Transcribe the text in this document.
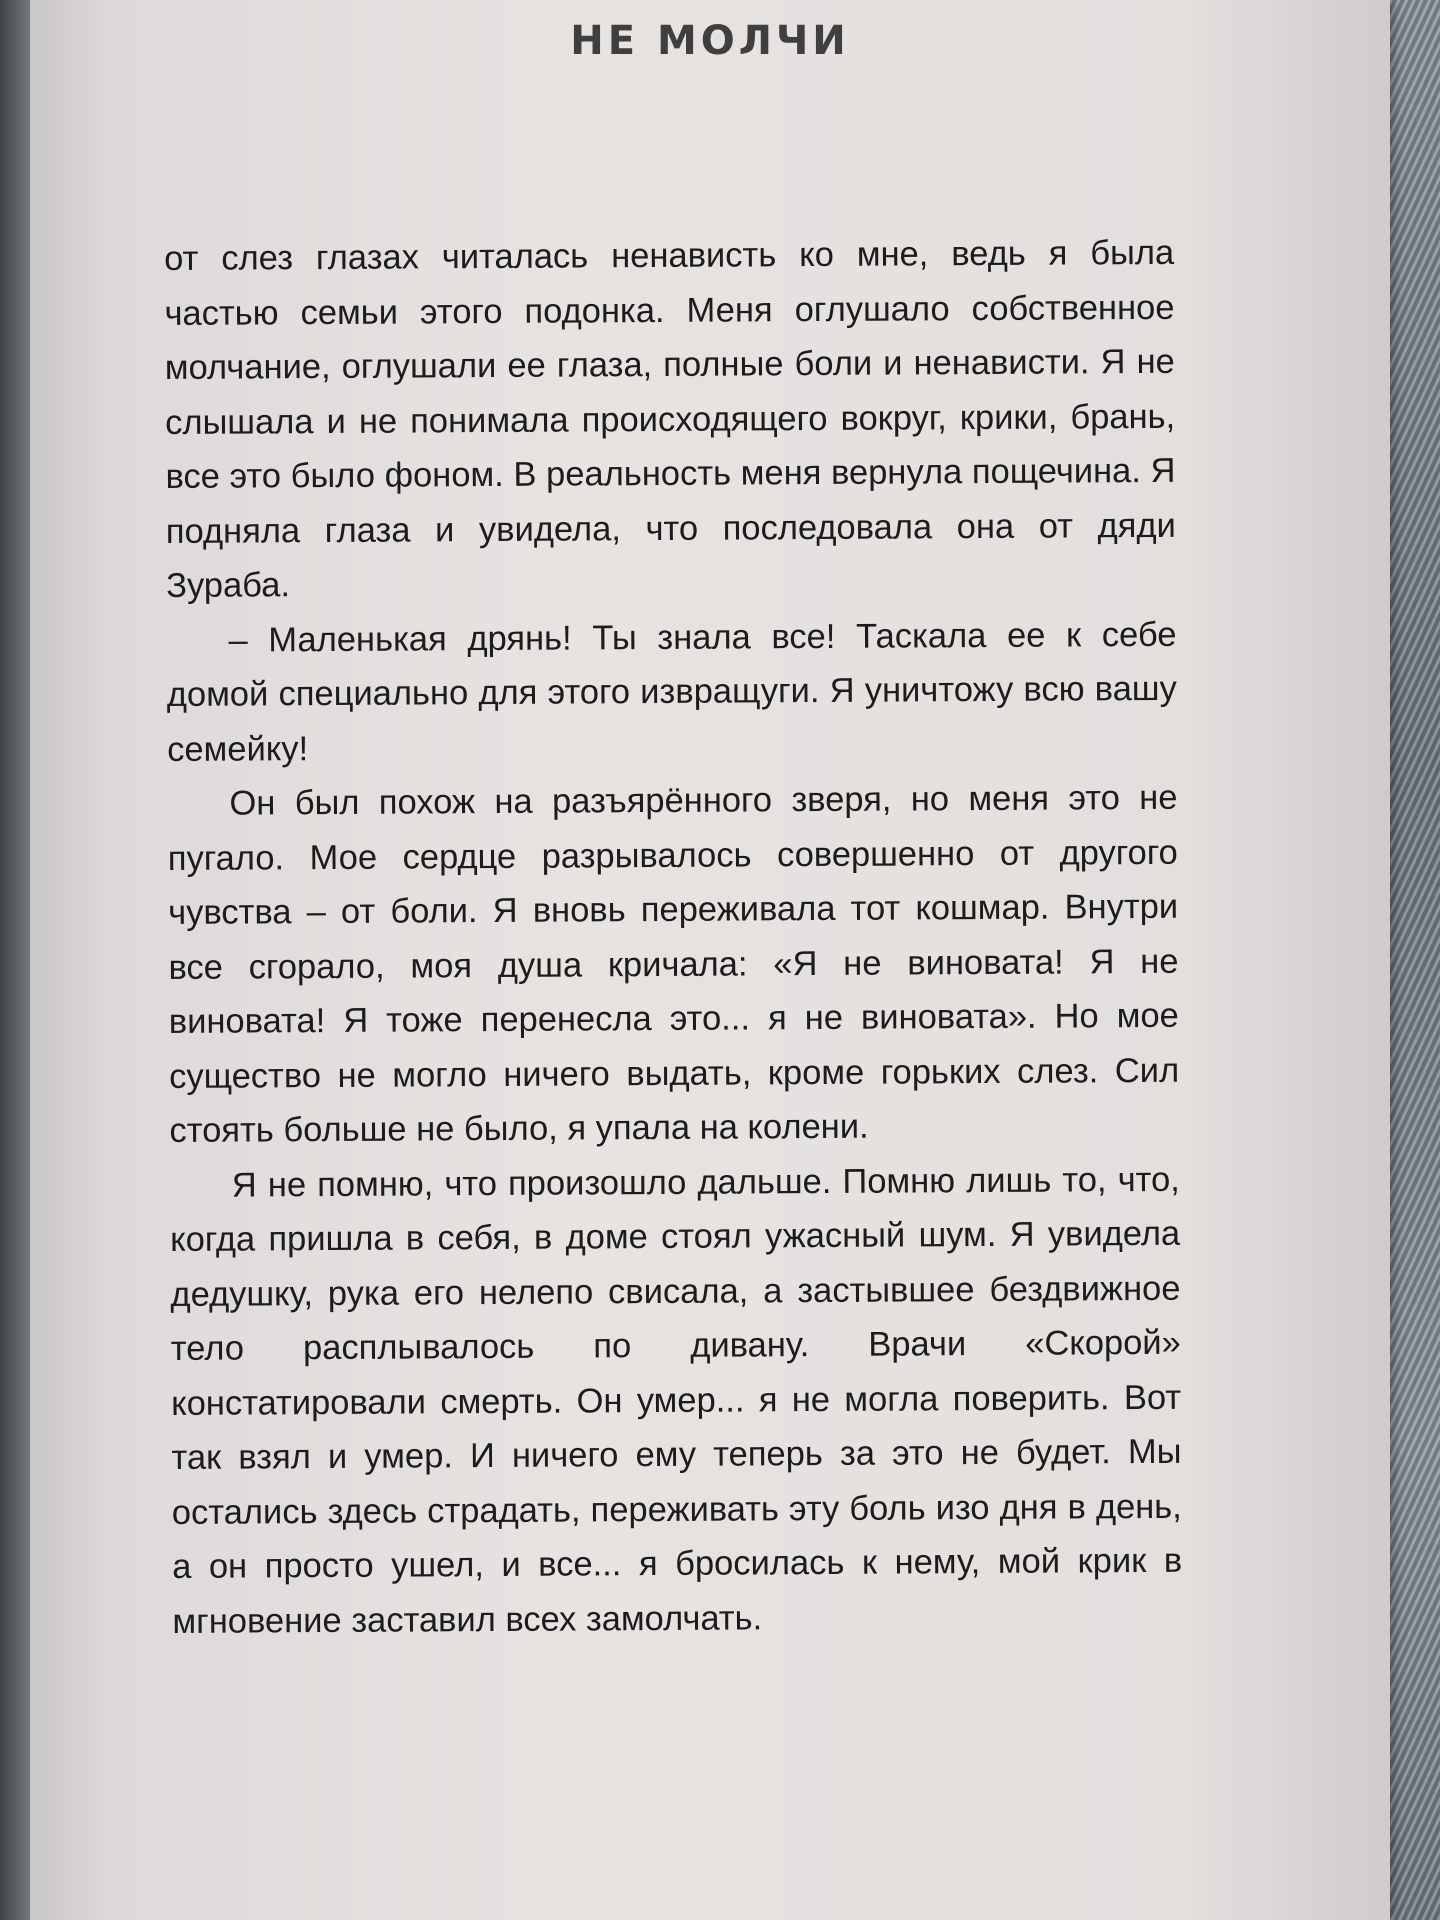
НЕ МОЛЧИ

от слез глазах читалась ненависть ко мне, ведь я была частью семьи этого подонка. Меня оглушало собственное молчание, оглушали ее глаза, полные боли и ненависти. Я не слышала и не понимала происходящего вокруг, крики, брань, все это было фоном. В реальность меня вернула пощечина. Я подняла глаза и увидела, что последовала она от дяди Зураба.

– Маленькая дрянь! Ты знала все! Таскала ее к себе домой специально для этого извращуги. Я уничтожу всю вашу семейку!

Он был похож на разъярённого зверя, но меня это не пугало. Мое сердце разрывалось совершенно от другого чувства – от боли. Я вновь переживала тот кошмар. Внутри все сгорало, моя душа кричала: «Я не виновата! Я не виновата! Я тоже перенесла это... я не виновата». Но мое существо не могло ничего выдать, кроме горьких слез. Сил стоять больше не было, я упала на колени.

Я не помню, что произошло дальше. Помню лишь то, что, когда пришла в себя, в доме стоял ужасный шум. Я увидела дедушку, рука его нелепо свисала, а застывшее бездвижное тело расплывалось по дивану. Врачи «Скорой» констатировали смерть. Он умер... я не могла поверить. Вот так взял и умер. И ничего ему теперь за это не будет. Мы остались здесь страдать, переживать эту боль изо дня в день, а он просто ушел, и все... я бросилась к нему, мой крик в мгновение заставил всех замолчать.
